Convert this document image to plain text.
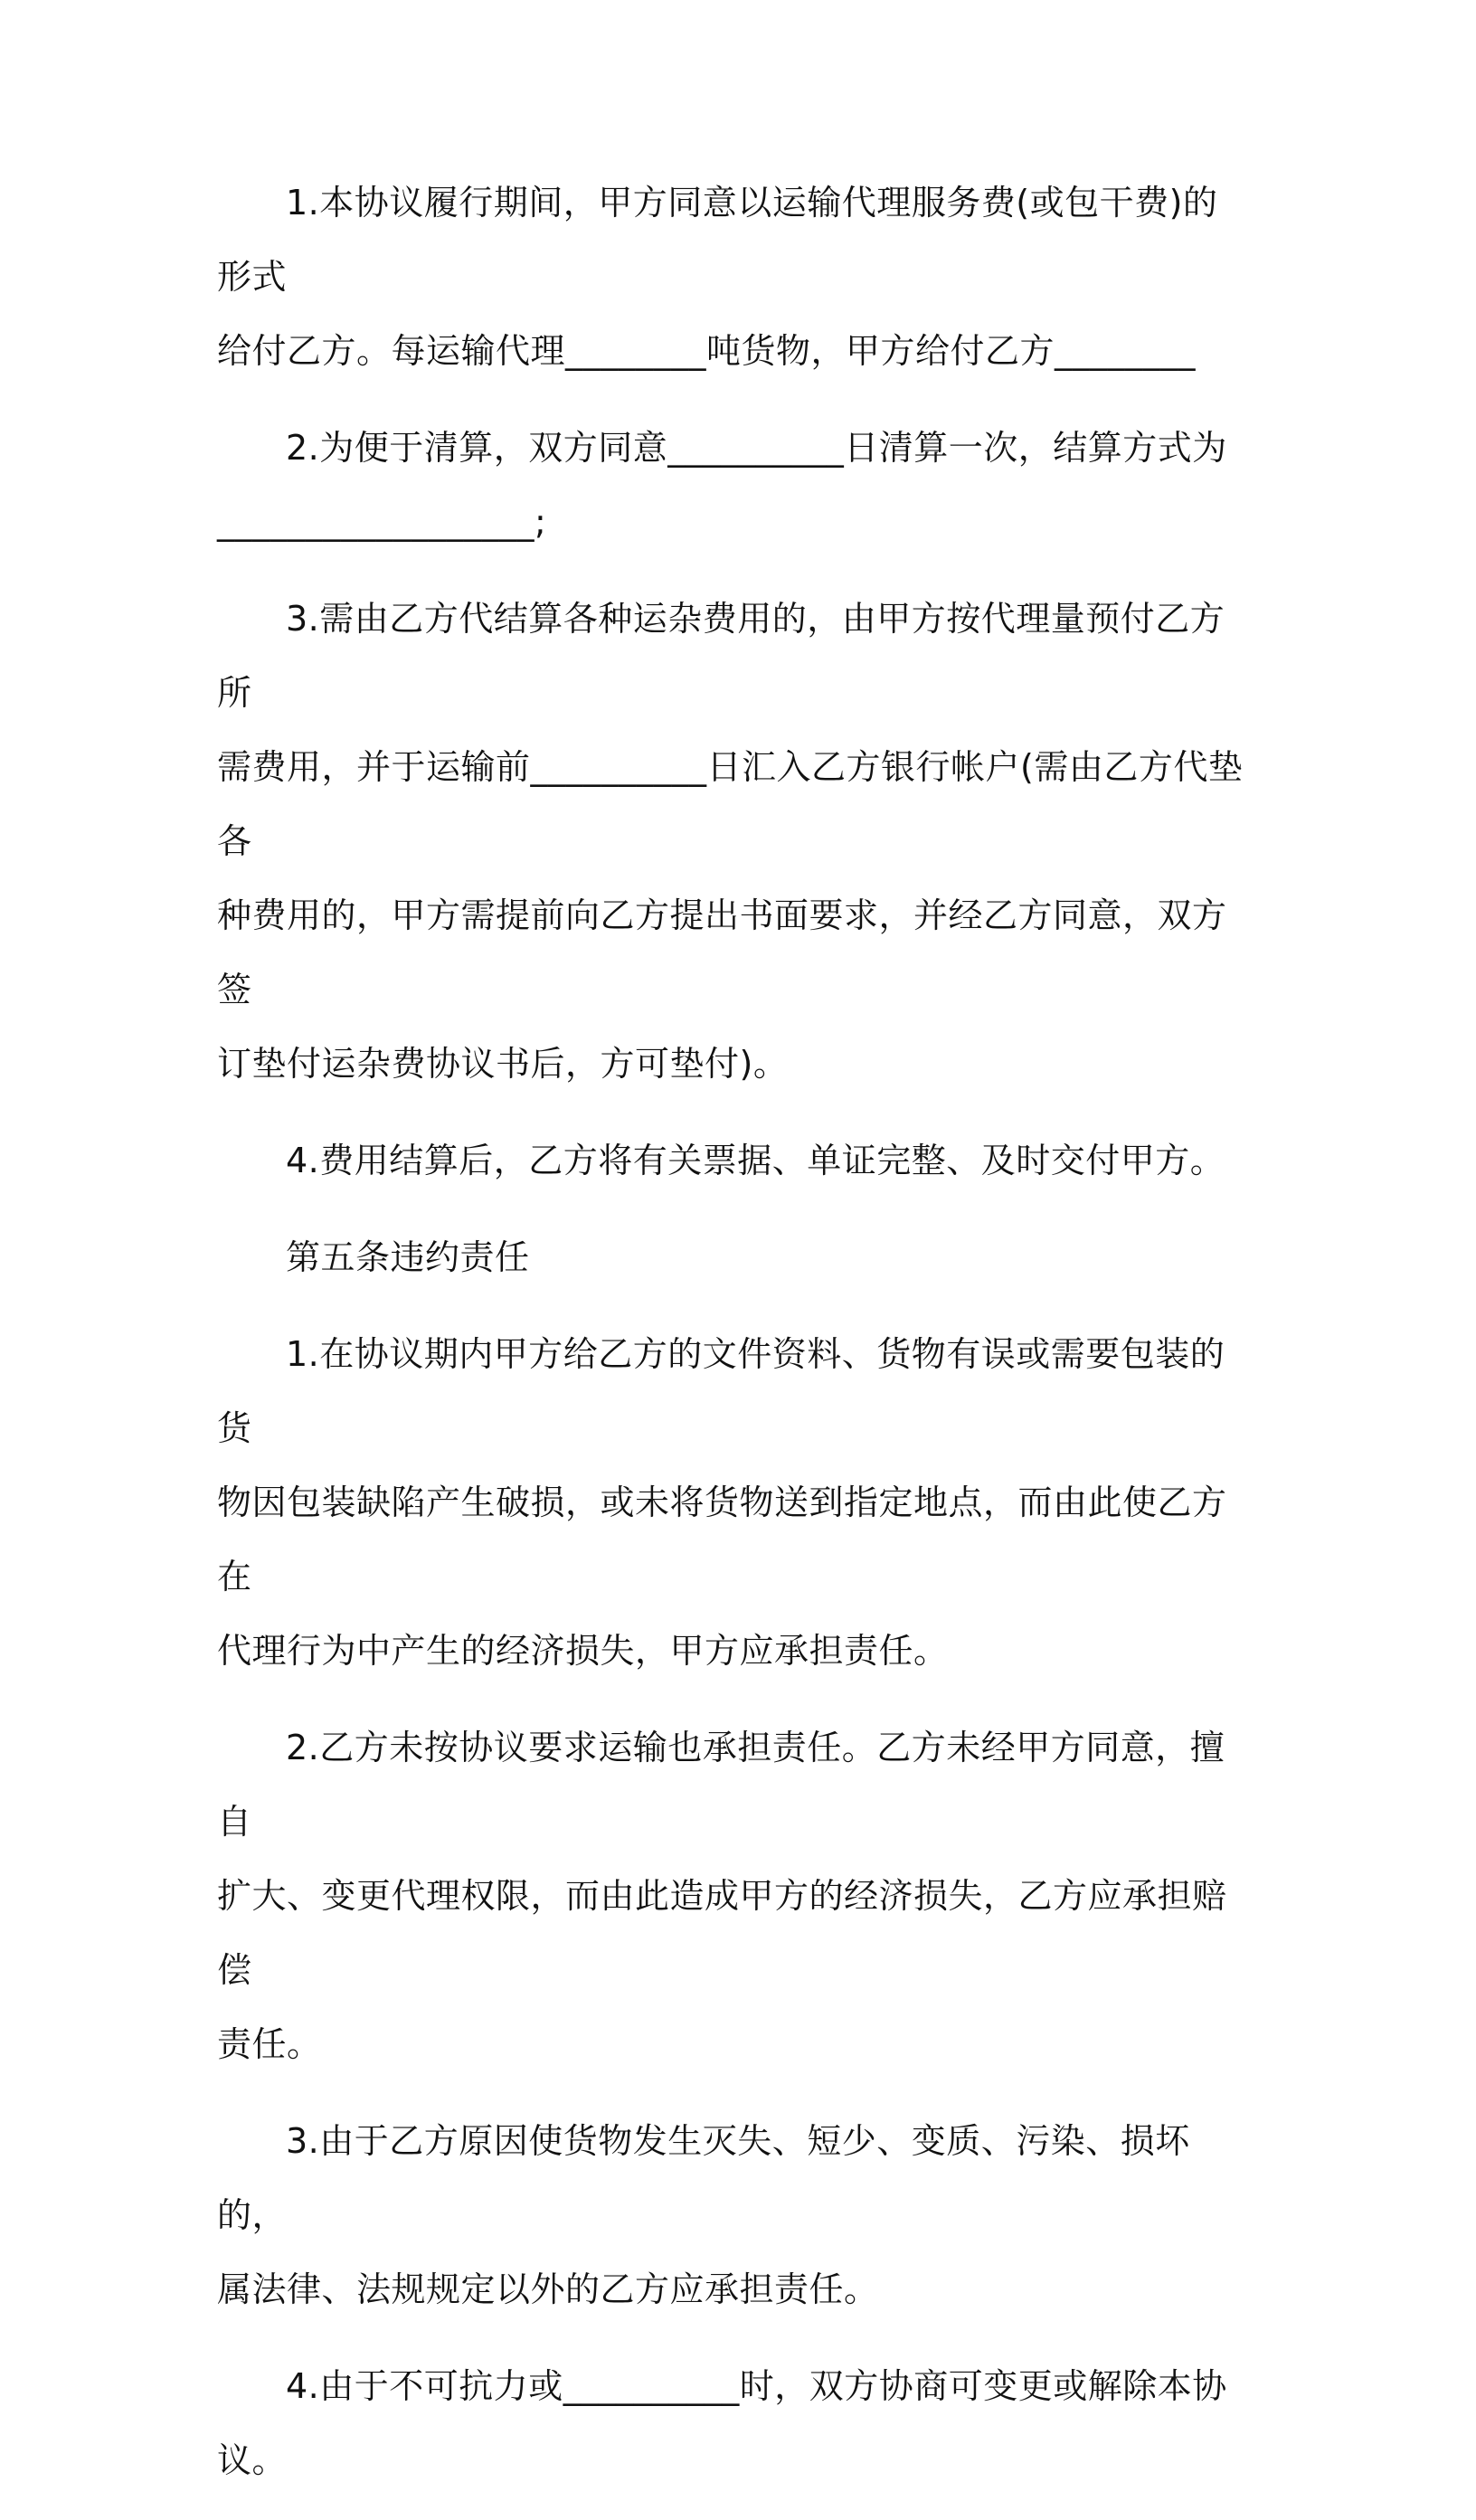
1.本协议履行期间，甲方同意以运输代理服务费(或包干费)的形式
给付乙方。每运输代理________吨货物，甲方给付乙方________
2.为便于清算，双方同意__________日清算一次，结算方式为
__________________;
3.需由乙方代结算各种运杂费用的，由甲方按代理量预付乙方所
需费用，并于运输前__________日汇入乙方银行帐户(需由乙方代垫各
种费用的，甲方需提前向乙方提出书面要求，并经乙方同意，双方签
订垫付运杂费协议书后，方可垫付)。
4.费用结算后，乙方将有关票据、单证完整、及时交付甲方。
第五条违约责任
1.在协议期内甲方给乙方的文件资料、货物有误或需要包装的货
物因包装缺陷产生破损，或未将货物送到指定地点，而由此使乙方在
代理行为中产生的经济损失，甲方应承担责任。
2.乙方未按协议要求运输也承担责任。乙方未经甲方同意，擅自
扩大、变更代理权限，而由此造成甲方的经济损失，乙方应承担赔偿
责任。
3.由于乙方原因使货物发生灭失、短少、变质、污染、损坏的，
属法律、法规规定以外的乙方应承担责任。
4.由于不可抗力或__________时，双方协商可变更或解除本协议。
